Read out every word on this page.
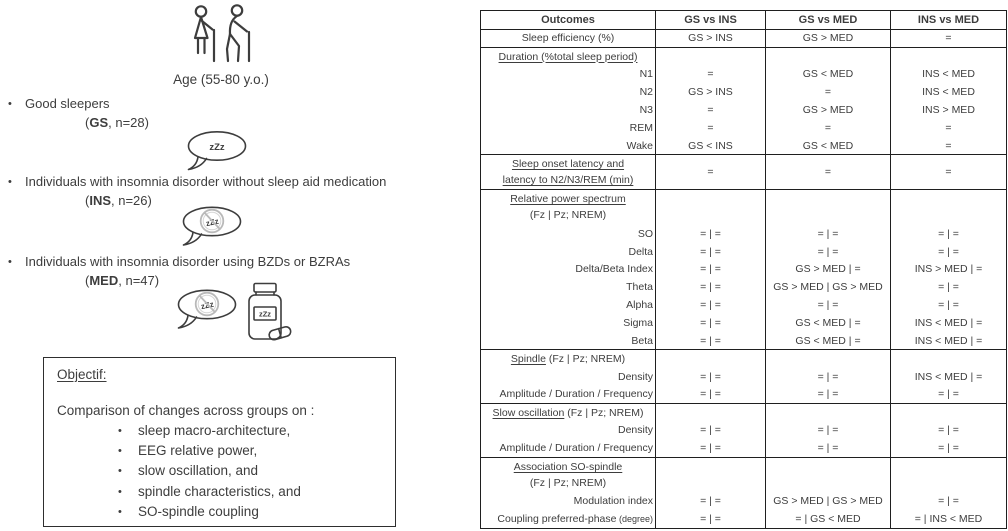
Age (55-80 y.o.)
• Good sleepers
(GS, n=28)
zZz
• Individuals with insomnia disorder without sleep aid medication
(INS, n=26)
zZz
• Individuals with insomnia disorder using BZDs or BZRAs
(MED, n=47)
zZz
zZz
Objectif:
Comparison of changes across groups on :
• sleep macro-architecture,
• EEG relative power,
• slow oscillation, and
• spindle characteristics, and
• SO-spindle coupling
Outcomes	GS vs INS	GS vs MED	INS vs MED
Sleep efficiency (%)	GS > INS	GS > MED	=
Duration (%total sleep period)			
N1	=	GS < MED	INS < MED
N2	GS > INS	=	INS < MED
N3	=	GS > MED	INS > MED
REM	=	=	=
Wake	GS < INS	GS < MED	=
Sleep onset latency and
latency to N2/N3/REM (min)	=	=	=
Relative power spectrum
(Fz | Pz; NREM)			

SO	= | =	= | =	= | =
Delta	= | =	= | =	= | =
Delta/Beta Index	= | =	GS > MED | =	INS > MED | =
Theta	= | =	GS > MED | GS > MED	= | =
Alpha	= | =	= | =	= | =
Sigma	= | =	GS < MED | =	INS < MED | =
Beta	= | =	GS < MED | =	INS < MED | =
Spindle (Fz | Pz; NREM)			
Density	= | =	= | =	INS < MED | =
Amplitude / Duration / Frequency	= | =	= | =	= | =
Slow oscillation (Fz | Pz; NREM)			
Density	= | =	= | =	= | =
Amplitude / Duration / Frequency	= | =	= | =	= | =
Association SO-spindle
(Fz | Pz; NREM)			

Modulation index	= | =	GS > MED | GS > MED	= | =
Coupling preferred-phase (degree)	= | =	= | GS < MED	= | INS < MED
